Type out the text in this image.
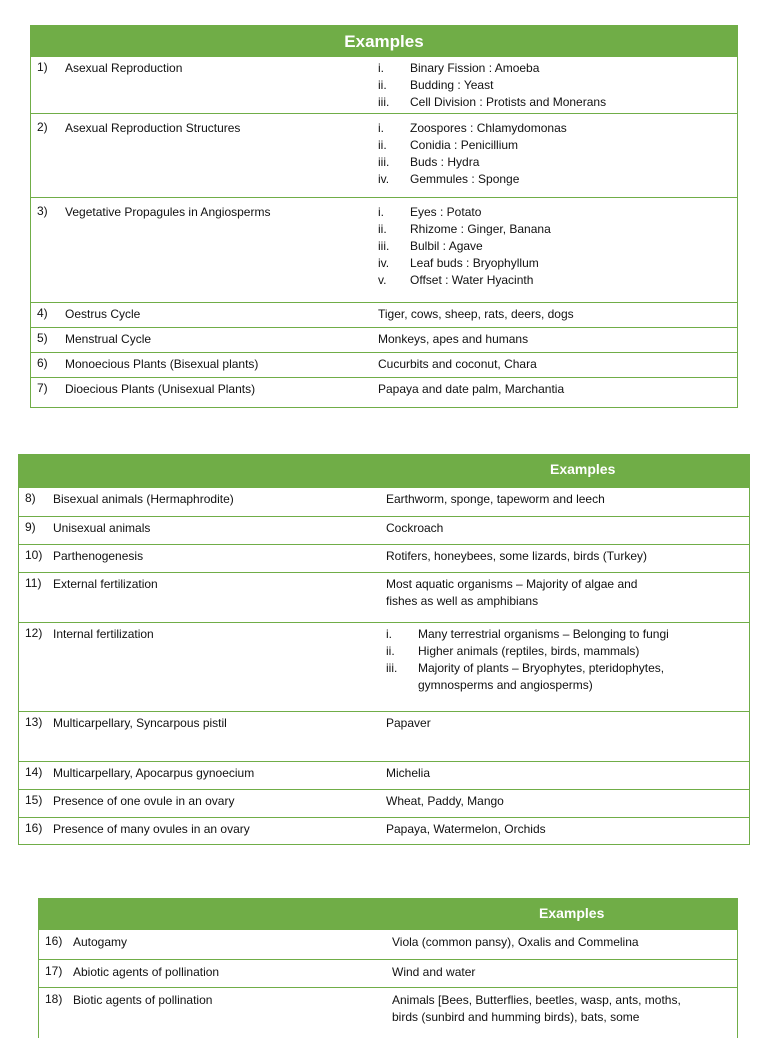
Examples
1) Asexual Reproduction	i.	Binary Fission : Amoeba
ii.	Budding : Yeast
iii.	Cell Division : Protists and Monerans
2) Asexual Reproduction Structures	i.	Zoospores : Chlamydomonas
ii.	Conidia : Penicillium
iii.	Buds : Hydra
iv.	Gemmules : Sponge
3) Vegetative Propagules in Angiosperms	i.	Eyes : Potato
ii.	Rhizome : Ginger, Banana
iii.	Bulbil : Agave
iv.	Leaf buds : Bryophyllum
v.	Offset : Water Hyacinth
4) Oestrus Cycle	Tiger, cows, sheep, rats, deers, dogs
5) Menstrual Cycle	Monkeys, apes and humans
6) Monoecious Plants (Bisexual plants)	Cucurbits and coconut, Chara
7) Dioecious Plants (Unisexual Plants)	Papaya and date palm, Marchantia
Examples
8) Bisexual animals (Hermaphrodite)	Earthworm, sponge, tapeworm and leech
9) Unisexual animals	Cockroach
10) Parthenogenesis	Rotifers, honeybees, some lizards, birds (Turkey)
11) External fertilization	Most aquatic organisms – Majority of algae and
fishes as well as amphibians
12) Internal fertilization	i.	Many terrestrial organisms – Belonging to fungi
ii.	Higher animals (reptiles, birds, mammals)
iii.	Majority of plants – Bryophytes, pteridophytes,
gymnosperms and angiosperms)
13) Multicarpellary, Syncarpous pistil	Papaver
14) Multicarpellary, Apocarpus gynoecium	Michelia
15) Presence of one ovule in an ovary	Wheat, Paddy, Mango
16) Presence of many ovules in an ovary	Papaya, Watermelon, Orchids
Examples
16) Autogamy	Viola (common pansy), Oxalis and Commelina
17) Abiotic agents of pollination	Wind and water
18) Biotic agents of pollination	Animals [Bees, Butterflies, beetles, wasp, ants, moths,
birds (sunbird and humming birds), bats, some
